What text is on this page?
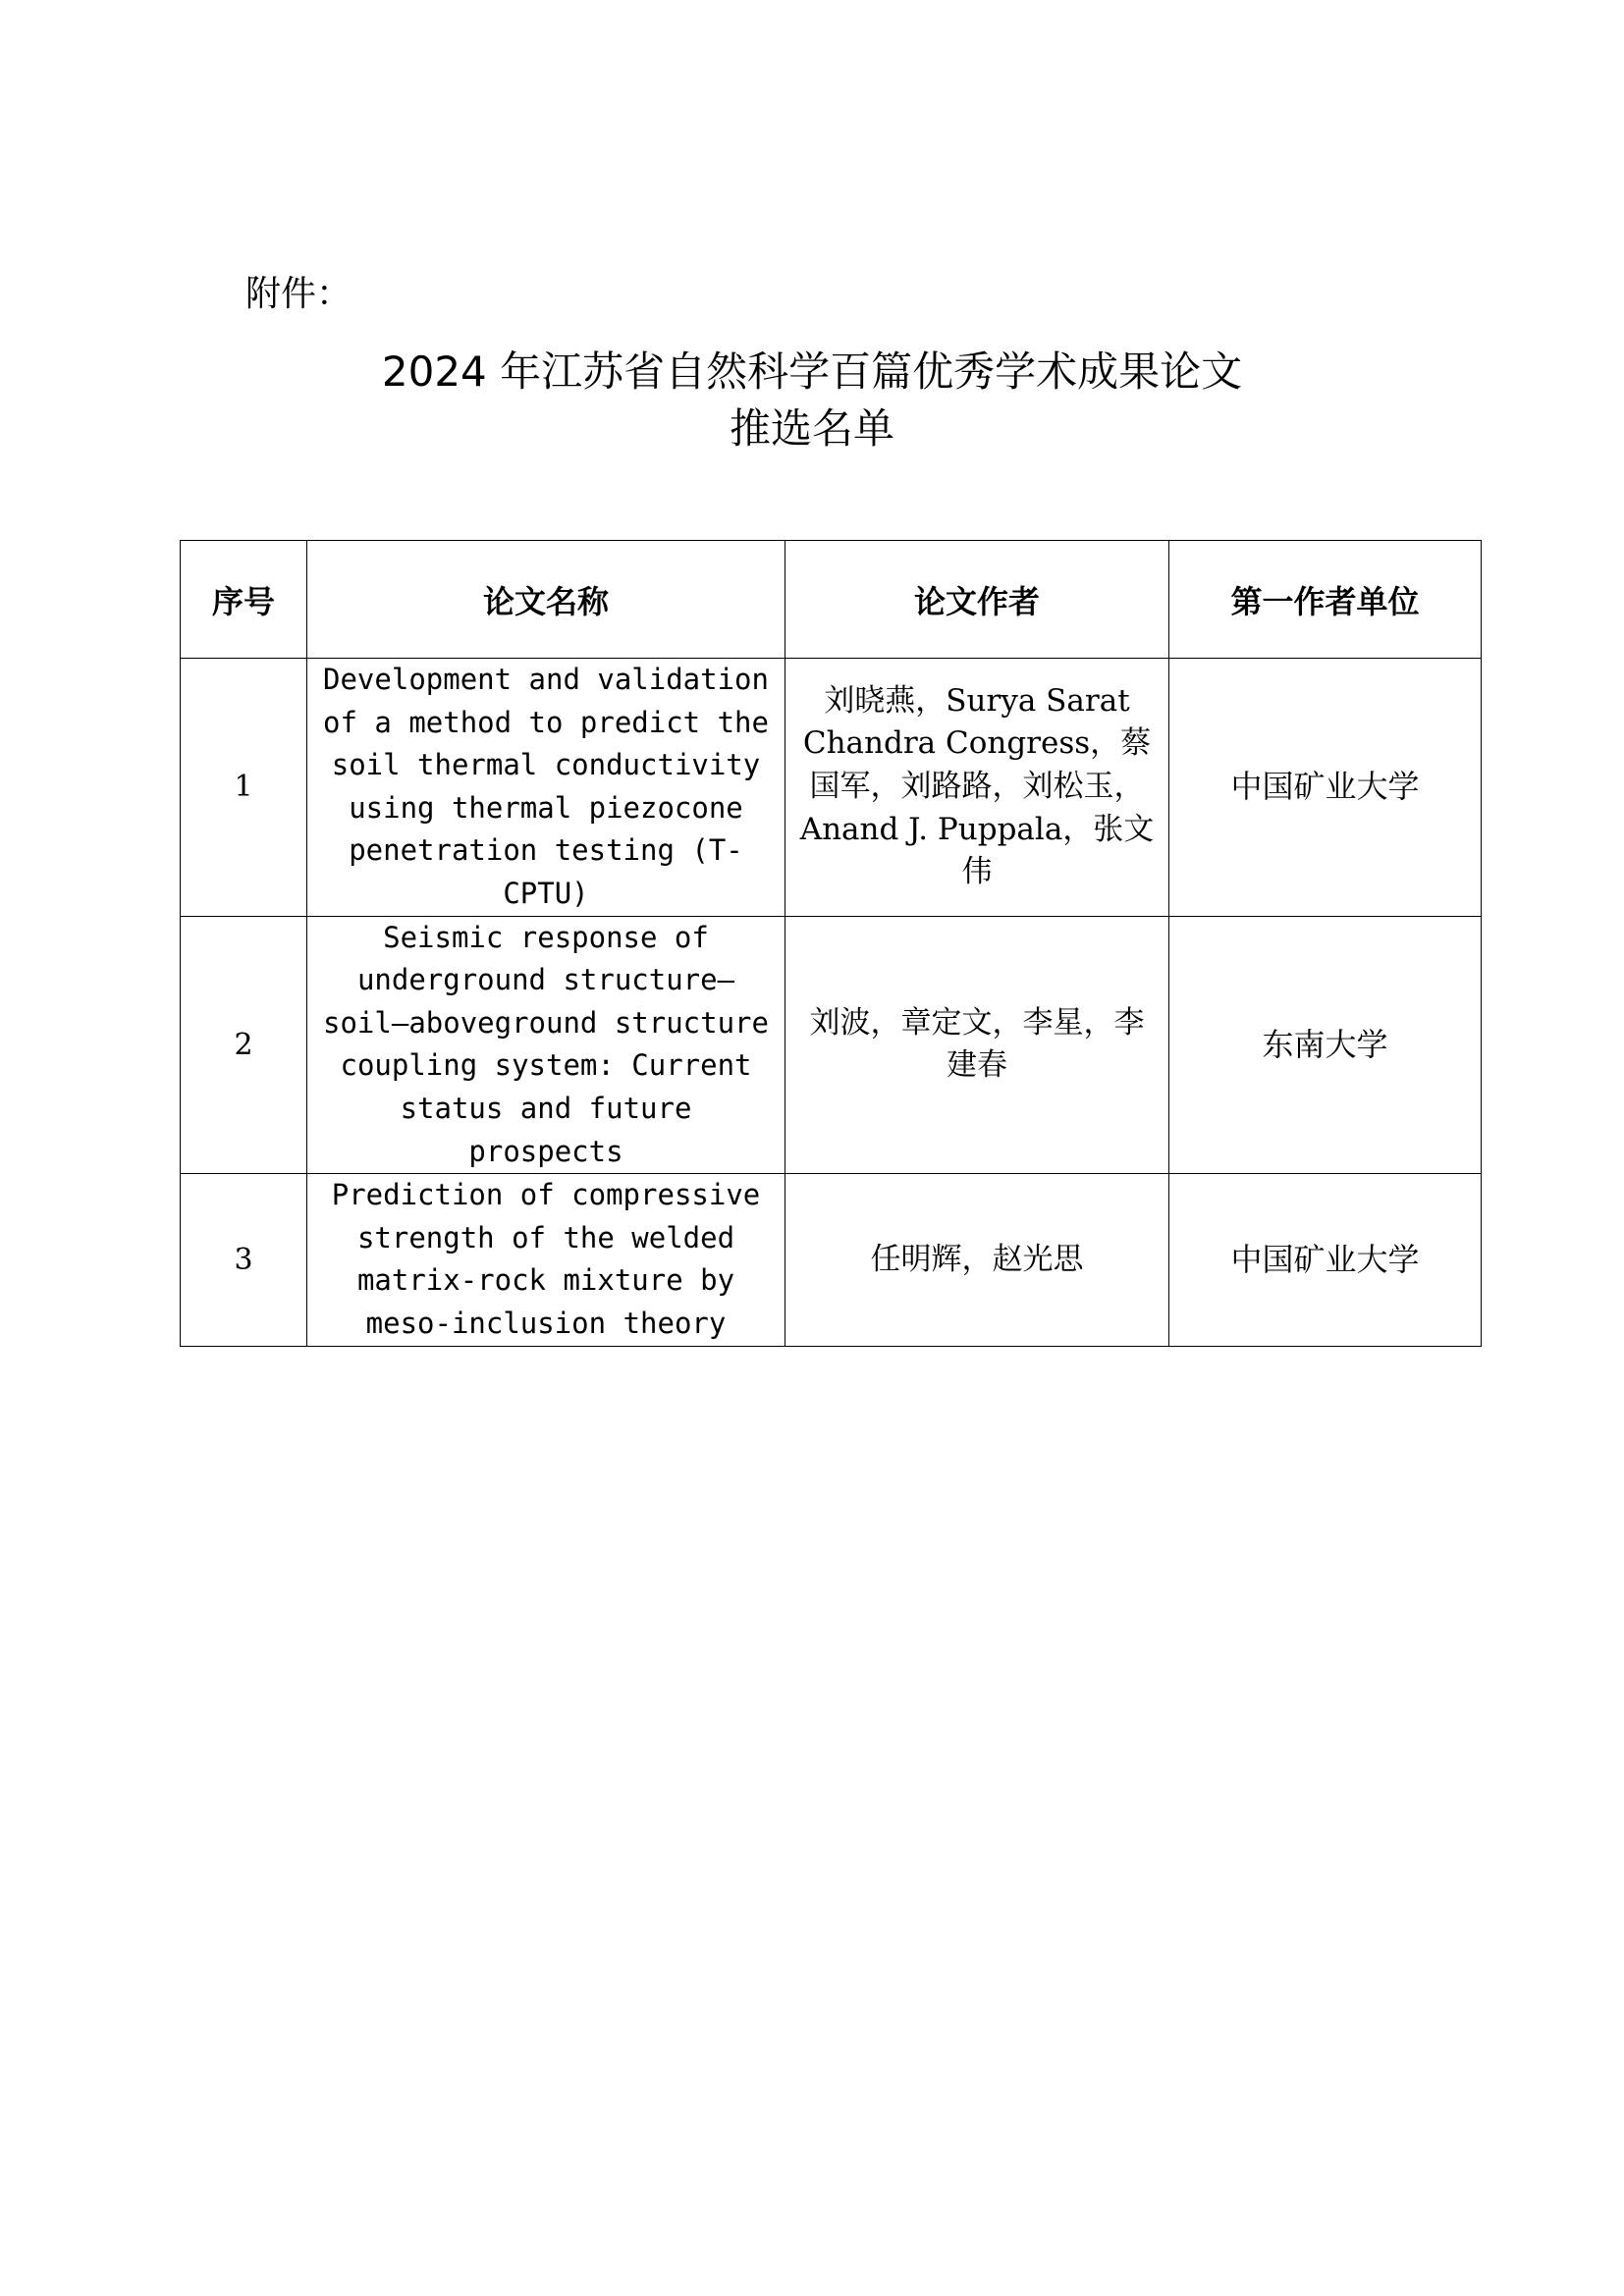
附件：
2024 年江苏省自然科学百篇优秀学术成果论文
推选名单
序号	论文名称	论文作者	第一作者单位
1	Development and validation of a method to predict the soil thermal conductivity using thermal piezocone penetration testing (T-CPTU)	刘晓燕，Surya Sarat Chandra Congress，蔡国军，刘路路，刘松玉，Anand J. Puppala，张文伟	中国矿业大学
2	Seismic response of underground structure–soil–aboveground structure coupling system: Current status and future prospects	刘波，章定文，李星，李建春	东南大学
3	Prediction of compressive strength of the welded matrix-rock mixture by meso-inclusion theory	任明辉，赵光思	中国矿业大学
